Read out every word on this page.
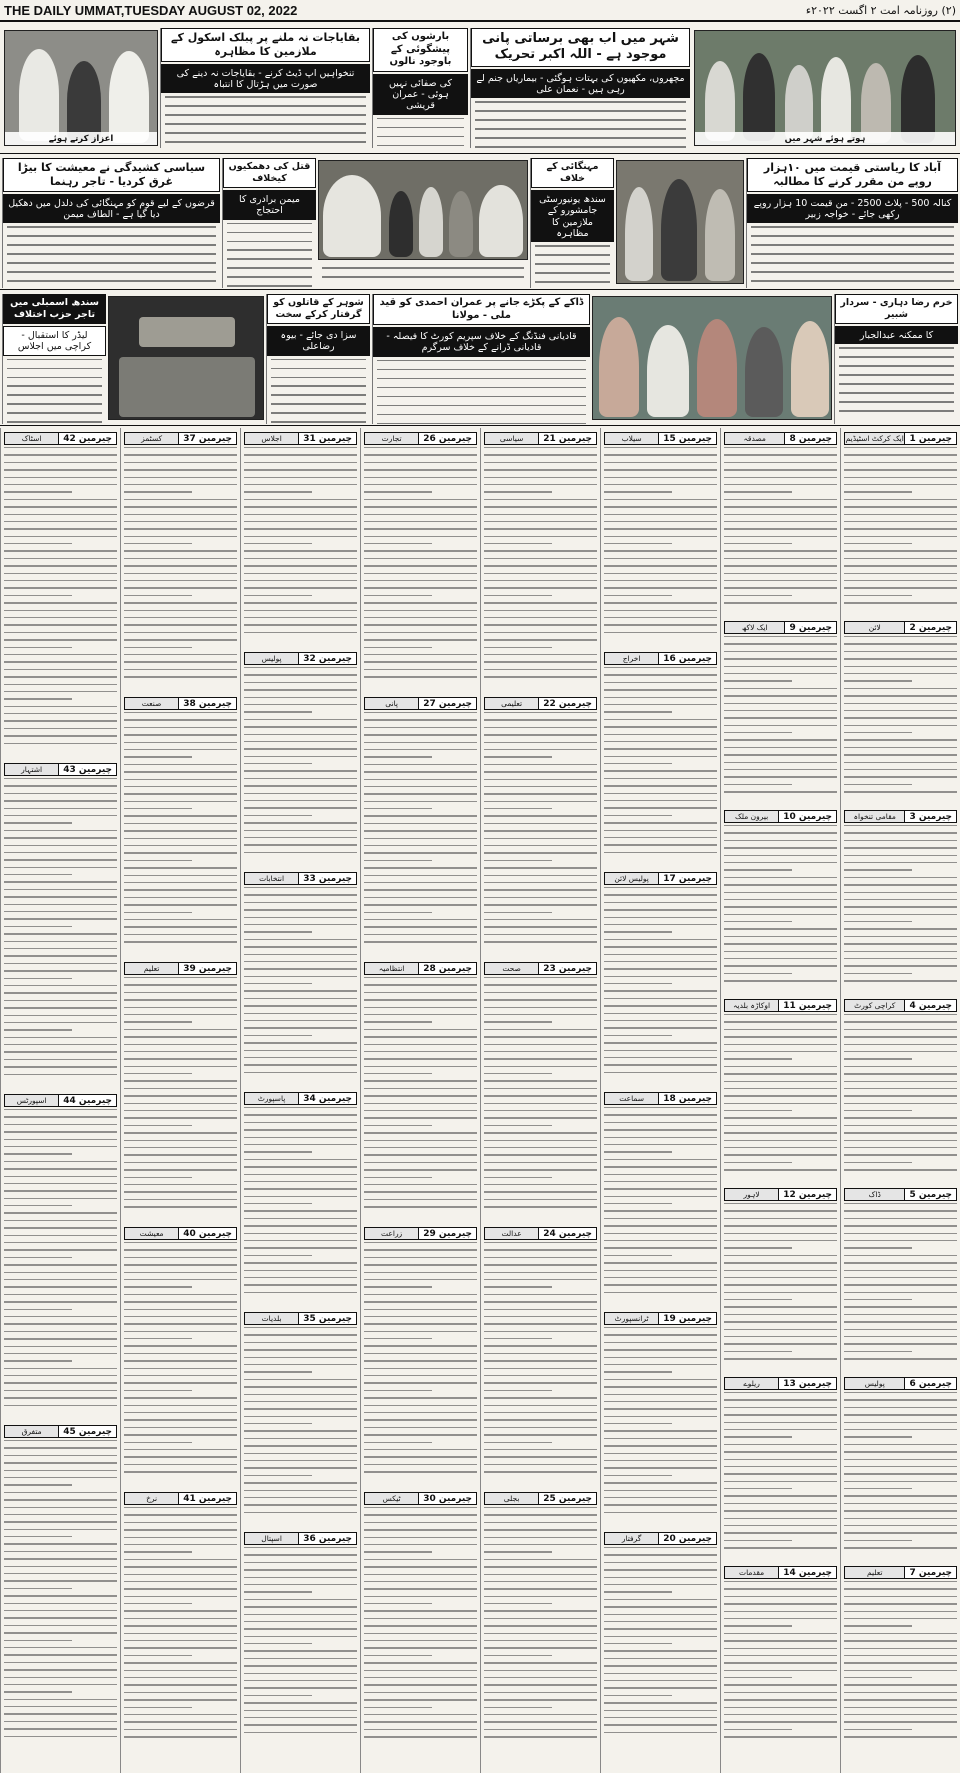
THE DAILY UMMAT,TUESDAY AUGUST 02, 2022	(۲) روزنامہ امت ۲ اگست ۲۰۲۲ء
ہوتے ہوئے شہر میں
شہر میں اب بھی برساتی پانی موجود ہے - اللہ اکبر تحریک
مچھروں، مکھیوں کی بہتات ہوگئی - بیماریاں جنم لے رہی ہیں - نعمان علی
بارشوں کی پیشگوئی کے باوجود نالوں
کی صفائی نہیں ہوئی - عمران قریشی
بقایاجات نہ ملنے پر پبلک اسکول کے ملازمین کا مظاہرہ
تنخواہیں اپ ڈیٹ کرنے - بقایاجات نہ دینے کی صورت میں ہڑتال کا انتباہ
اعزاز کرتے ہوئے
آباد کا ریاستی قیمت میں ۱۰ہزار روپے من مقرر کرنے کا مطالبہ
کنالہ 500 - پلاٹ 2500 - من قیمت 10 ہزار روپے رکھی جائے - خواجہ زبیر
مہنگائی کے خلاف
سندھ یونیورسٹی جامشورو کے ملازمین کا مظاہرہ
قتل کی دھمکیوں کیخلاف
میمن برادری کا احتجاج
سیاسی کشیدگی نے معیشت کا بیڑا غرق کردیا - تاجر رہنما
قرضوں کے لیے قوم کو مہنگائی کی دلدل میں دھکیل دیا گیا ہے - الطاف میمن
خرم رضا دہاری - سردار شبیر
کا ممکنہ عبدالجبار
ڈاکے کے پکڑے جانے پر عمران احمدی کو قید ملی - مولانا
قادیانی فنڈنگ کے خلاف سپریم کورٹ کا فیصلہ - قادیانی ڈرانے کے خلاف سرگرم
شوہر کے قاتلوں کو گرفتار کرکے سخت
سزا دی جائے - بیوہ رضاعلی
سندھ اسمبلی میں تاجر حزب اختلاف
لیڈر کا استقبال - کراچی میں اجلاس
چیرمین 1
ایک کرکٹ اسٹیڈیم
چیرمین 2
لائن
چیرمین 3
مقامی تنخواہ
چیرمین 4
کراچی کورٹ
چیرمین 5
ڈاک
چیرمین 6
پولیس
چیرمین 7
تعلیم
چیرمین 8
مصدقہ
چیرمین 9
ایک لاکھ
چیرمین 10
بیرون ملک
چیرمین 11
اوکاڑہ بلدیہ
چیرمین 12
لاہور
چیرمین 13
ریلوے
چیرمین 14
مقدمات
چیرمین 15
سیلاب
چیرمین 16
اخراج
چیرمین 17
پولیس لائن
چیرمین 18
سماعت
چیرمین 19
ٹرانسپورٹ
چیرمین 20
گرفتار
چیرمین 21
سیاسی
چیرمین 22
تعلیمی
چیرمین 23
صحت
چیرمین 24
عدالت
چیرمین 25
بجلی
چیرمین 26
تجارت
چیرمین 27
پانی
چیرمین 28
انتظامیہ
چیرمین 29
زراعت
چیرمین 30
ٹیکس
چیرمین 31
اجلاس
چیرمین 32
پولیس
چیرمین 33
انتخابات
چیرمین 34
پاسپورٹ
چیرمین 35
بلدیات
چیرمین 36
اسپتال
چیرمین 37
کسٹمز
چیرمین 38
صنعت
چیرمین 39
تعلیم
چیرمین 40
معیشت
چیرمین 41
نرخ
چیرمین 42
اسٹاک
چیرمین 43
اشتہار
چیرمین 44
اسپورٹس
چیرمین 45
متفرق
